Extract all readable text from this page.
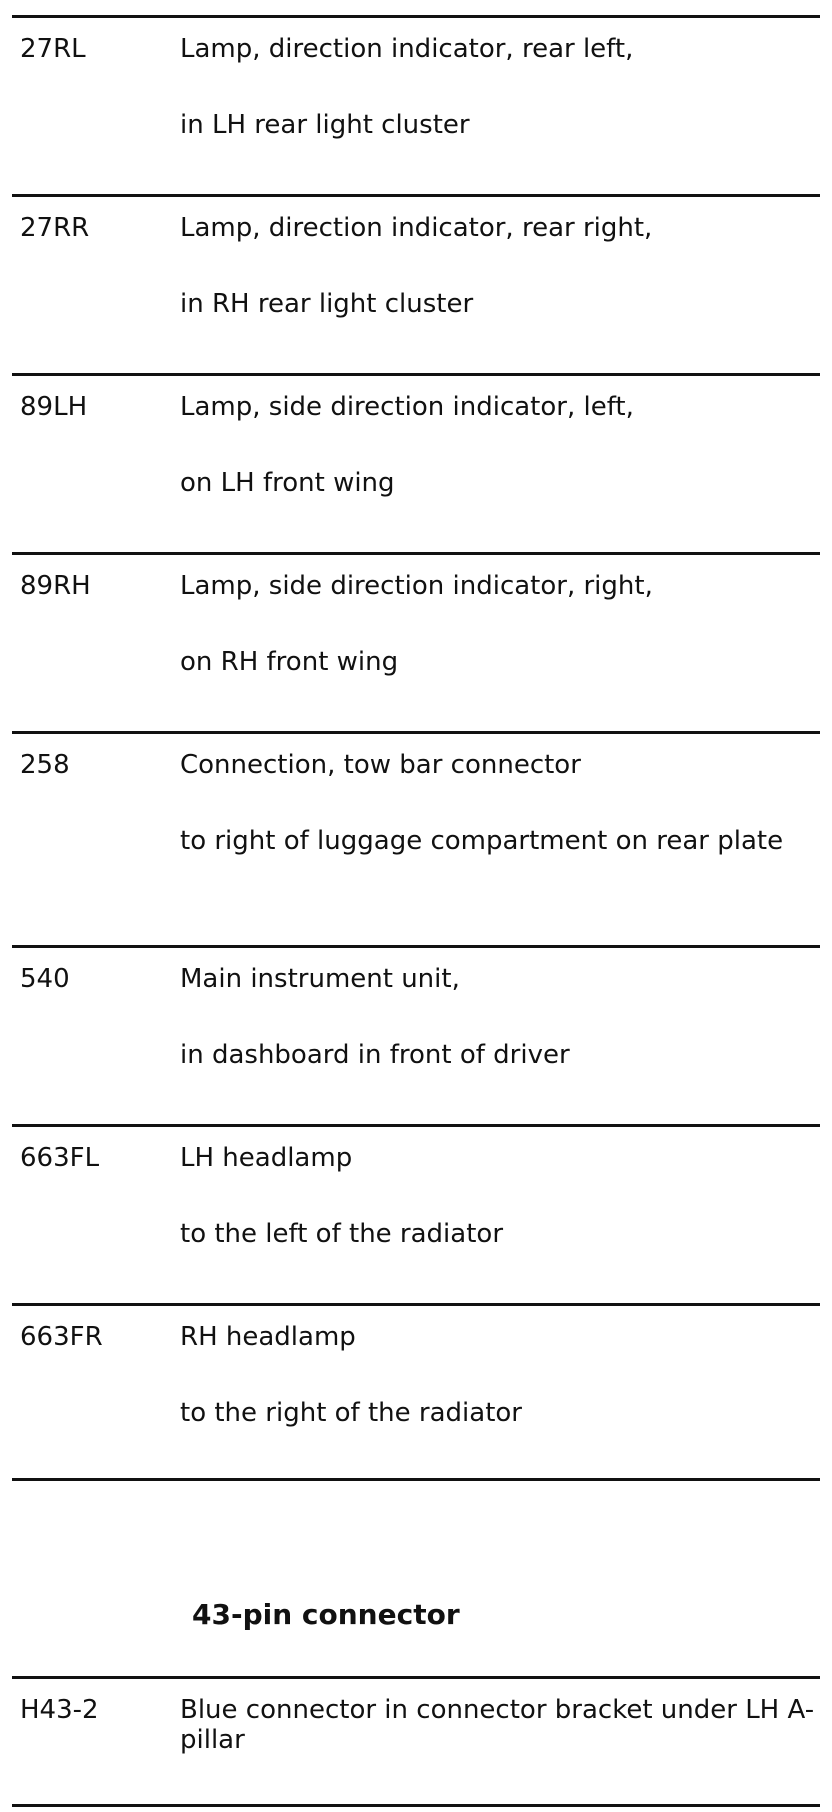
27RL	Lamp, direction indicator, rear left,
in LH rear light cluster
27RR	Lamp, direction indicator, rear right,
in RH rear light cluster
89LH	Lamp, side direction indicator, left,
on LH front wing
89RH	Lamp, side direction indicator, right,
on RH front wing
258	Connection, tow bar connector
to right of luggage compartment on rear plate
540	Main instrument unit,
in dashboard in front of driver
663FL	LH headlamp
to the left of the radiator
663FR	RH headlamp
to the right of the radiator
43-pin connector
H43-2	Blue connector in connector bracket under LH A-pillar
